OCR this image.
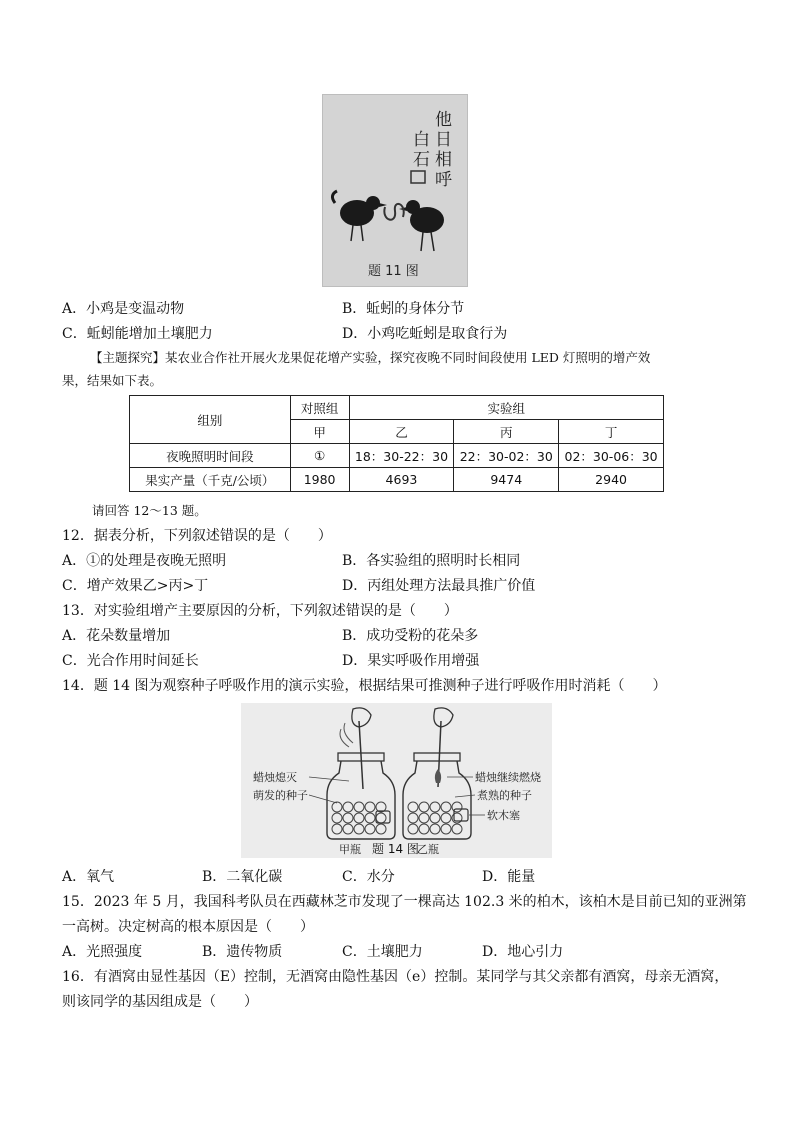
他
日
相
呼
白
石
题 11 图
A．小鸡是变温动物	B．蚯蚓的身体分节
C．蚯蚓能增加土壤肥力	D．小鸡吃蚯蚓是取食行为
【主题探究】某农业合作社开展火龙果促花增产实验，探究夜晚不同时间段使用 LED 灯照明的增产效
果，结果如下表。
组别	对照组	实验组		
	甲	乙	丙	丁
夜晚照明时间段	①	18：30-22：30	22：30-02：30	02：30-06：30
果实产量（千克/公顷）	1980	4693	9474	2940
请回答 12～13 题。
12．据表分析，下列叙述错误的是（　　）
A．①的处理是夜晚无照明	B．各实验组的照明时长相同
C．增产效果乙>丙>丁	D．丙组处理方法最具推广价值
13．对实验组增产主要原因的分析，下列叙述错误的是（　　）
A．花朵数量增加	B．成功受粉的花朵多
C．光合作用时间延长	D．果实呼吸作用增强
14．题 14 图为观察种子呼吸作用的演示实验，根据结果可推测种子进行呼吸作用时消耗（　　）
蜡烛熄灭
萌发的种子
蜡烛继续燃烧
煮熟的种子
软木塞
甲瓶	乙瓶
题 14 图
A．氧气	B．二氧化碳	C．水分	D．能量
15．2023 年 5 月，我国科考队员在西藏林芝市发现了一棵高达 102.3 米的柏木，该柏木是目前已知的亚洲第
一高树。决定树高的根本原因是（　　）
A．光照强度	B．遗传物质	C．土壤肥力	D．地心引力
16．有酒窝由显性基因（E）控制，无酒窝由隐性基因（e）控制。某同学与其父亲都有酒窝，母亲无酒窝，
则该同学的基因组成是（　　）
